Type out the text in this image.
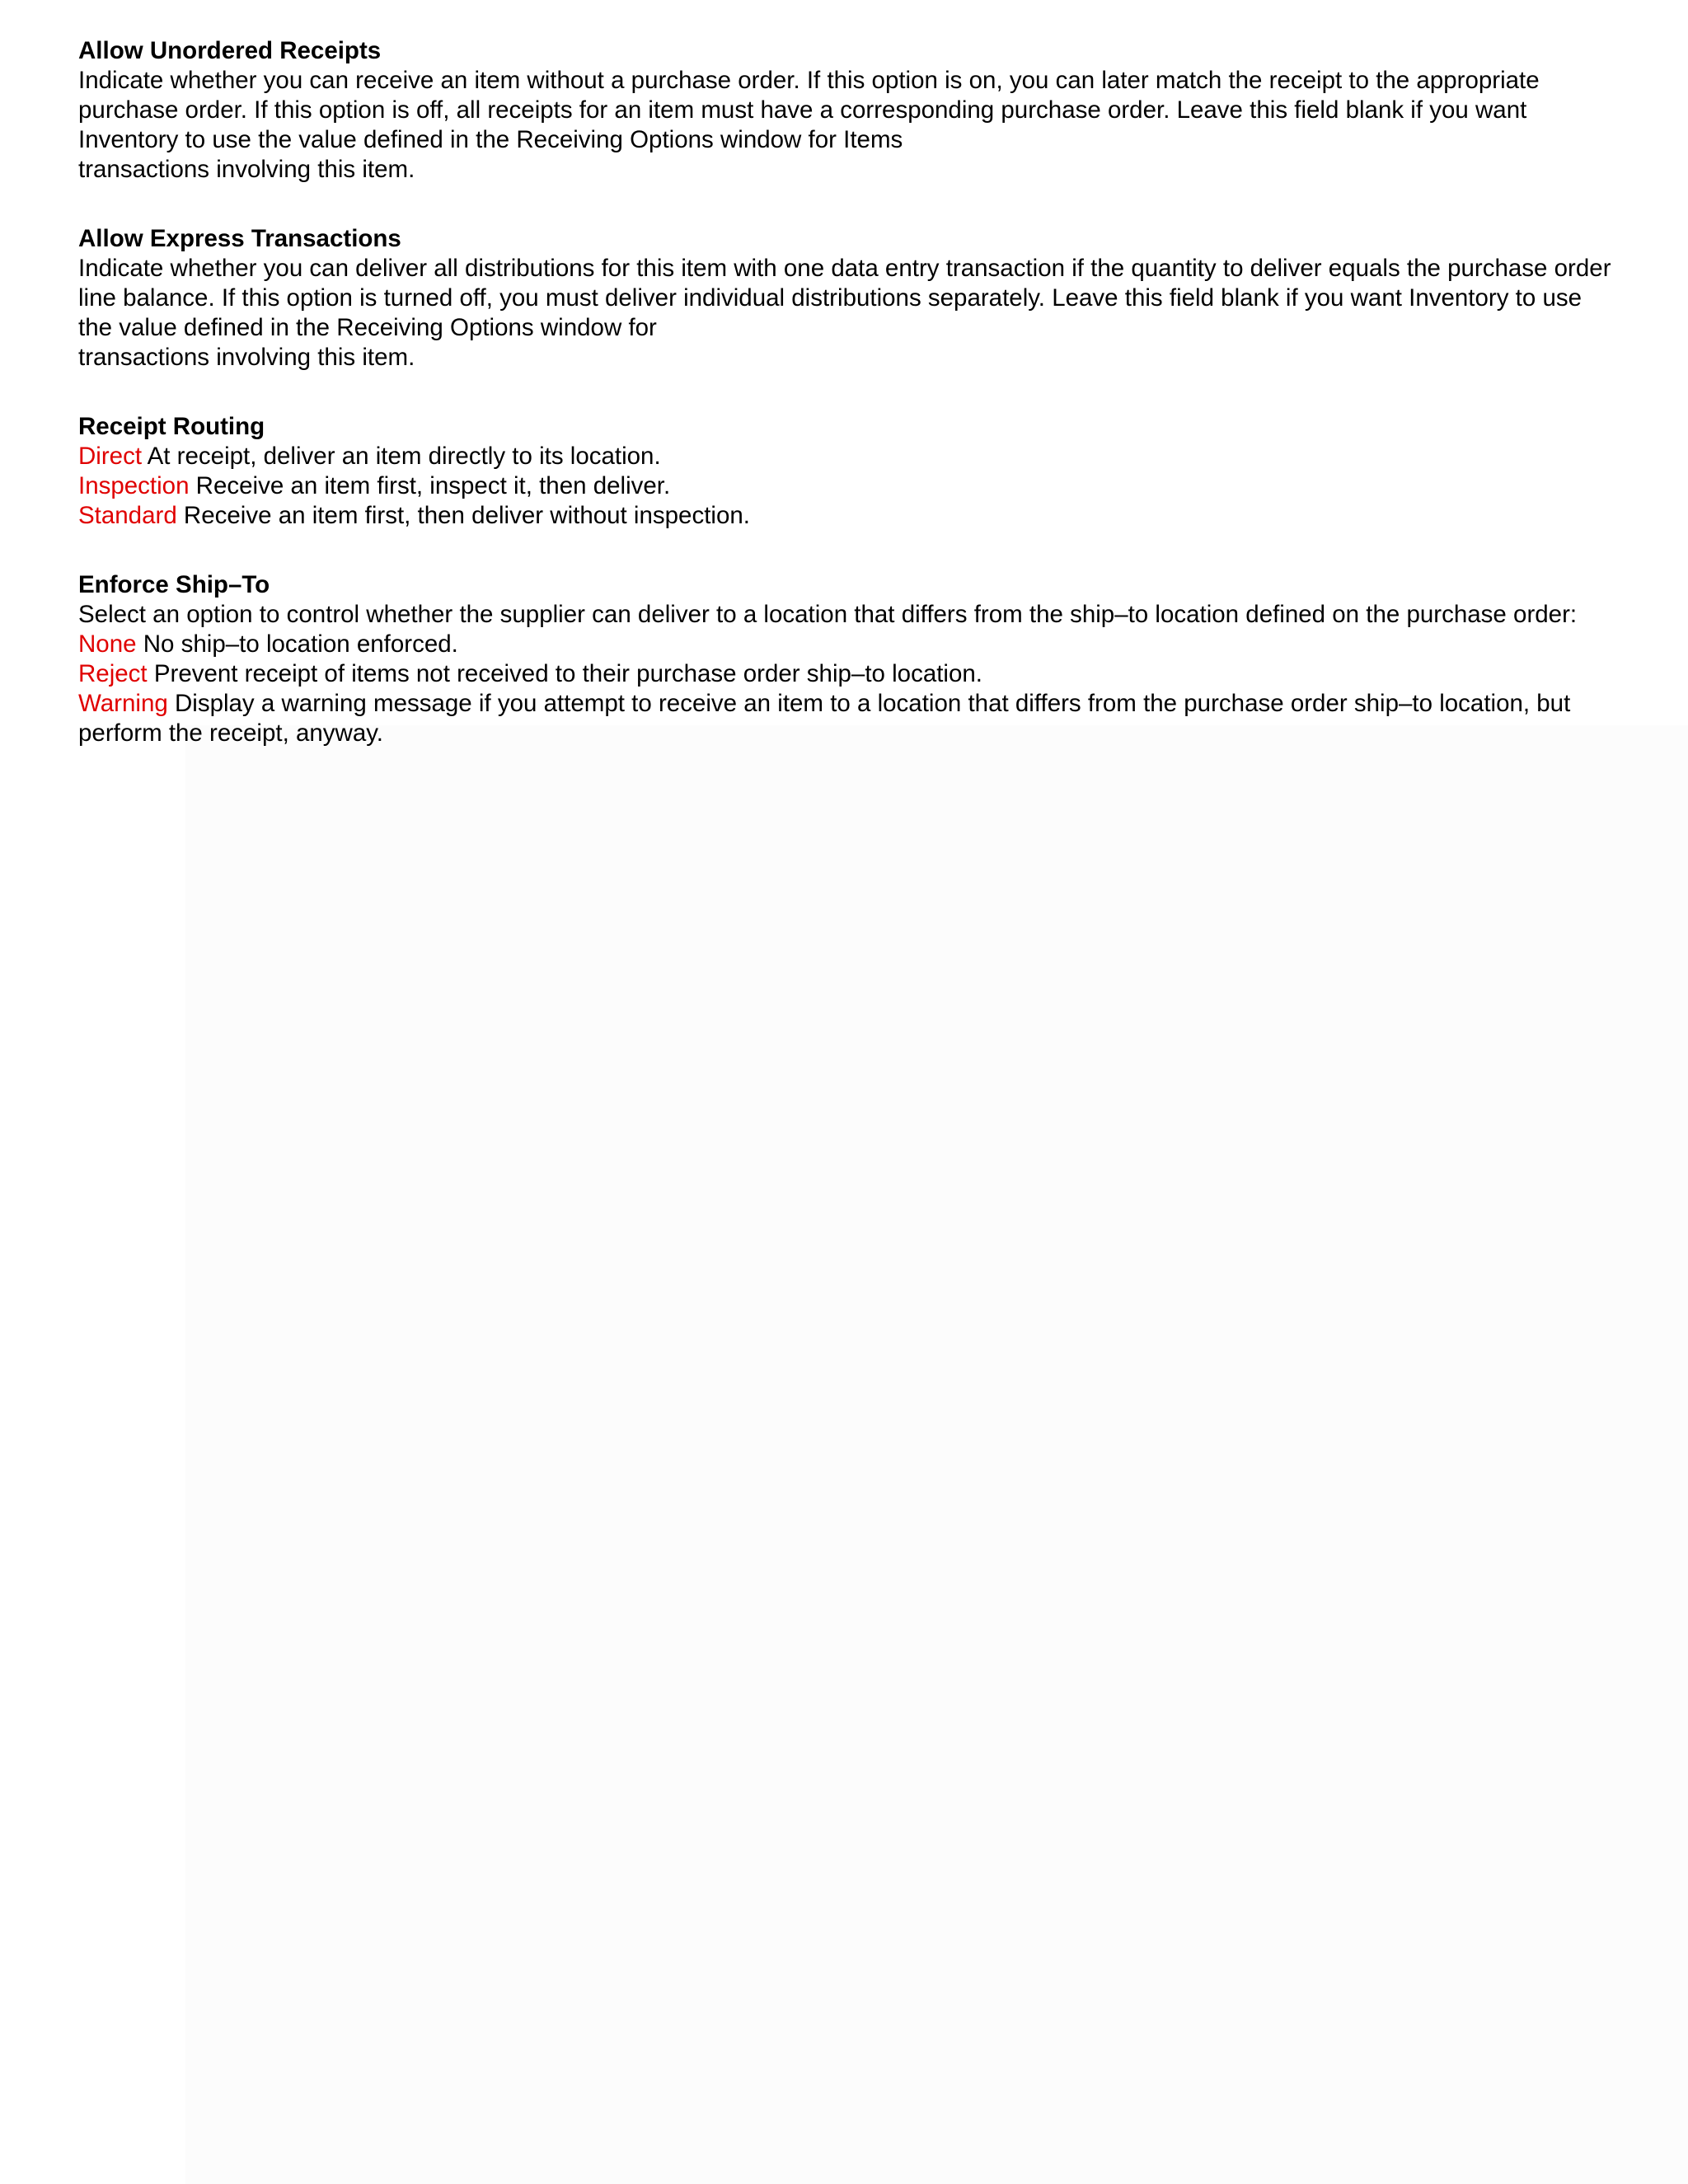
Allow Unordered Receipts
Indicate whether you can receive an item without a purchase order. If this option is on, you can later match the receipt to the appropriate
purchase order. If this option is off, all receipts for an item must have a corresponding purchase order. Leave this field blank if you want
Inventory to use the value defined in the Receiving Options window for Items
transactions involving this item.
Allow Express Transactions
Indicate whether you can deliver all distributions for this item with one data entry transaction if the quantity to deliver equals the purchase order
line balance. If this option is turned off, you must deliver individual distributions separately. Leave this field blank if you want Inventory to use
the value defined in the Receiving Options window for
transactions involving this item.
Receipt Routing
Direct At receipt, deliver an item directly to its location.
Inspection Receive an item first, inspect it, then deliver.
Standard Receive an item first, then deliver without inspection.
Enforce Ship–To
Select an option to control whether the supplier can deliver to a location that differs from the ship–to location defined on the purchase order:
None No ship–to location enforced.
Reject Prevent receipt of items not received to their purchase order ship–to location.
Warning Display a warning message if you attempt to receive an item to a location that differs from the purchase order ship–to location, but
perform the receipt, anyway.
